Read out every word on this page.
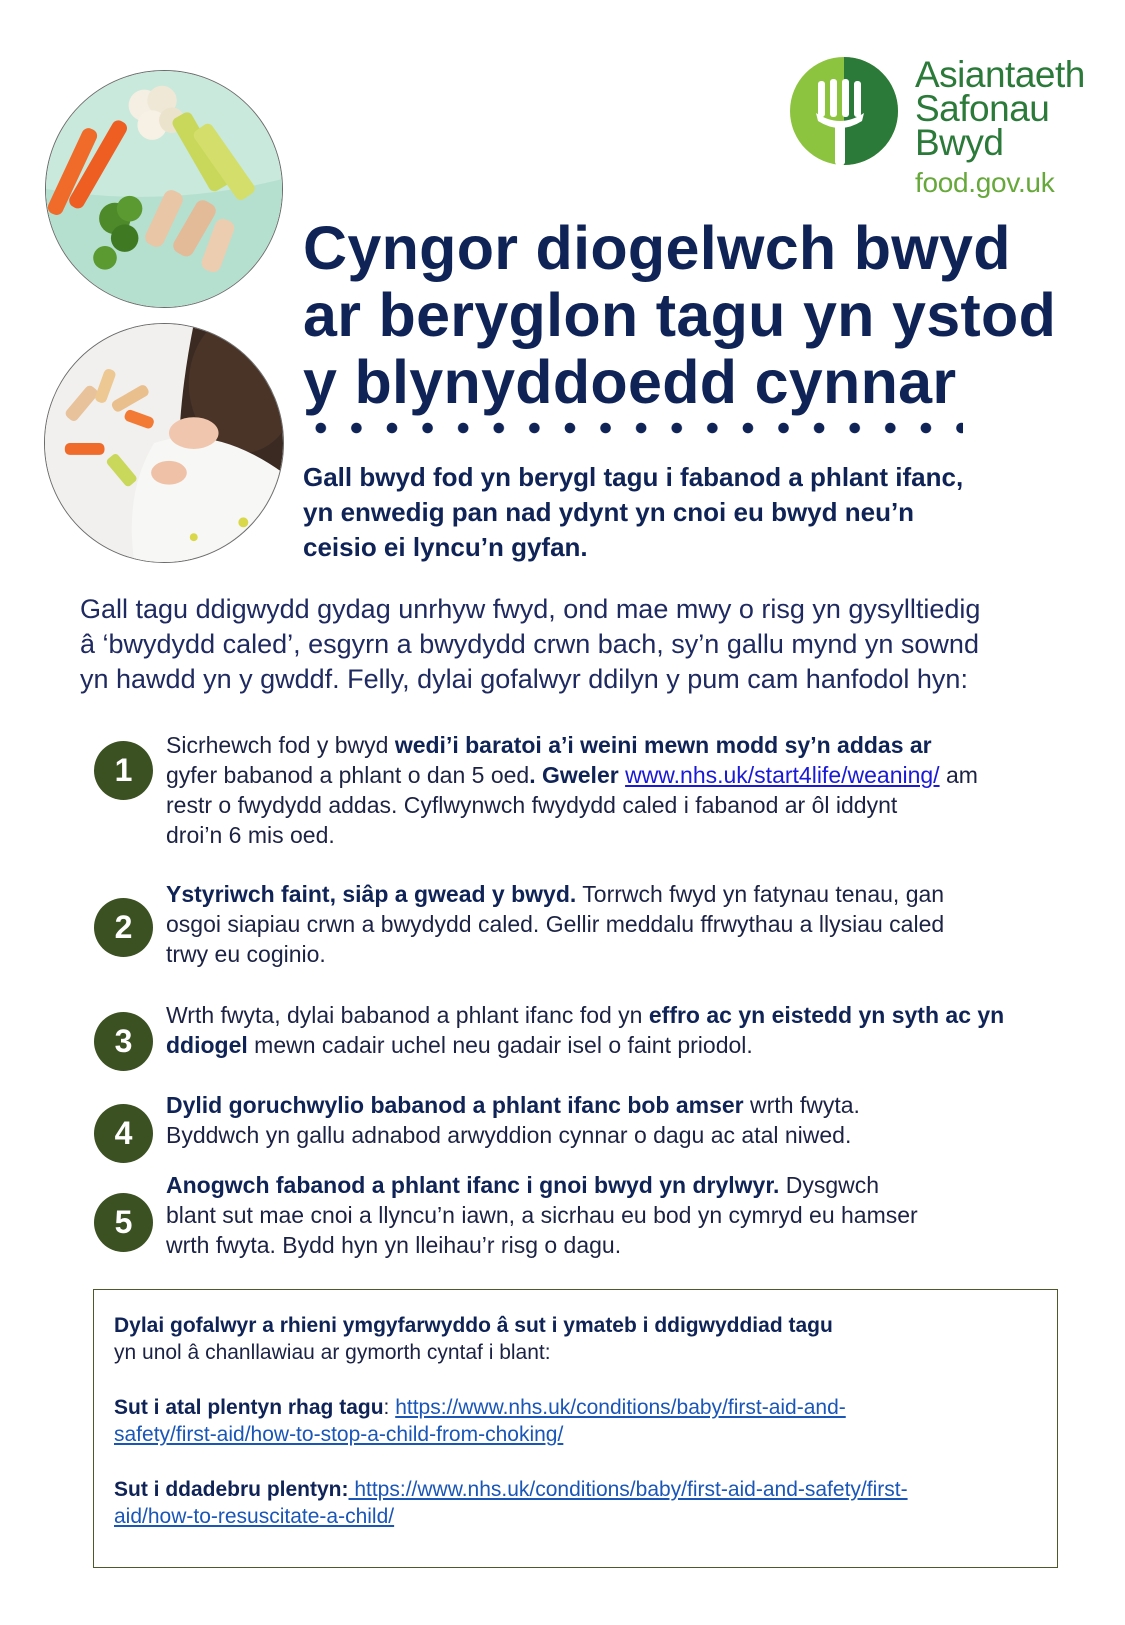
Asiantaeth
Safonau
Bwyd
food.gov.uk
Cyngor diogelwch bwyd
ar beryglon tagu yn ystod
y blynyddoedd cynnar

Gall bwyd fod yn berygl tagu i fabanod a phlant ifanc,
yn enwedig pan nad ydynt yn cnoi eu bwyd neu’n
ceisio ei lyncu’n gyfan.

Gall tagu ddigwydd gydag unrhyw fwyd, ond mae mwy o risg yn gysylltiedig
â ‘bwydydd caled’, esgyrn a bwydydd crwn bach, sy’n gallu mynd yn sownd
yn hawdd yn y gwddf. Felly, dylai gofalwyr ddilyn y pum cam hanfodol hyn:

1

Sicrhewch fod y bwyd wedi’i baratoi a’i weini mewn modd sy’n addas ar
gyfer babanod a phlant o dan 5 oed. Gweler www.nhs.uk/start4life/weaning/ am
restr o fwydydd addas. Cyflwynwch fwydydd caled i fabanod ar ôl iddynt
droi’n 6 mis oed.

2

Ystyriwch faint, siâp a gwead y bwyd. Torrwch fwyd yn fatynau tenau, gan
osgoi siapiau crwn a bwydydd caled. Gellir meddalu ffrwythau a llysiau caled
trwy eu coginio.

3

Wrth fwyta, dylai babanod a phlant ifanc fod yn effro ac yn eistedd yn syth ac yn
ddiogel mewn cadair uchel neu gadair isel o faint priodol.

4

Dylid goruchwylio babanod a phlant ifanc bob amser wrth fwyta.
Byddwch yn gallu adnabod arwyddion cynnar o dagu ac atal niwed.

5

Anogwch fabanod a phlant ifanc i gnoi bwyd yn drylwyr. Dysgwch
blant sut mae cnoi a llyncu’n iawn, a sicrhau eu bod yn cymryd eu hamser
wrth fwyta. Bydd hyn yn lleihau’r risg o dagu.

Dylai gofalwyr a rhieni ymgyfarwyddo â sut i ymateb i ddigwyddiad tagu
yn unol â chanllawiau ar gymorth cyntaf i blant:

Sut i atal plentyn rhag tagu: https://www.nhs.uk/conditions/baby/first-aid-and-
safety/first-aid/how-to-stop-a-child-from-choking/

Sut i ddadebru plentyn: https://www.nhs.uk/conditions/baby/first-aid-and-safety/first-
aid/how-to-resuscitate-a-child/
